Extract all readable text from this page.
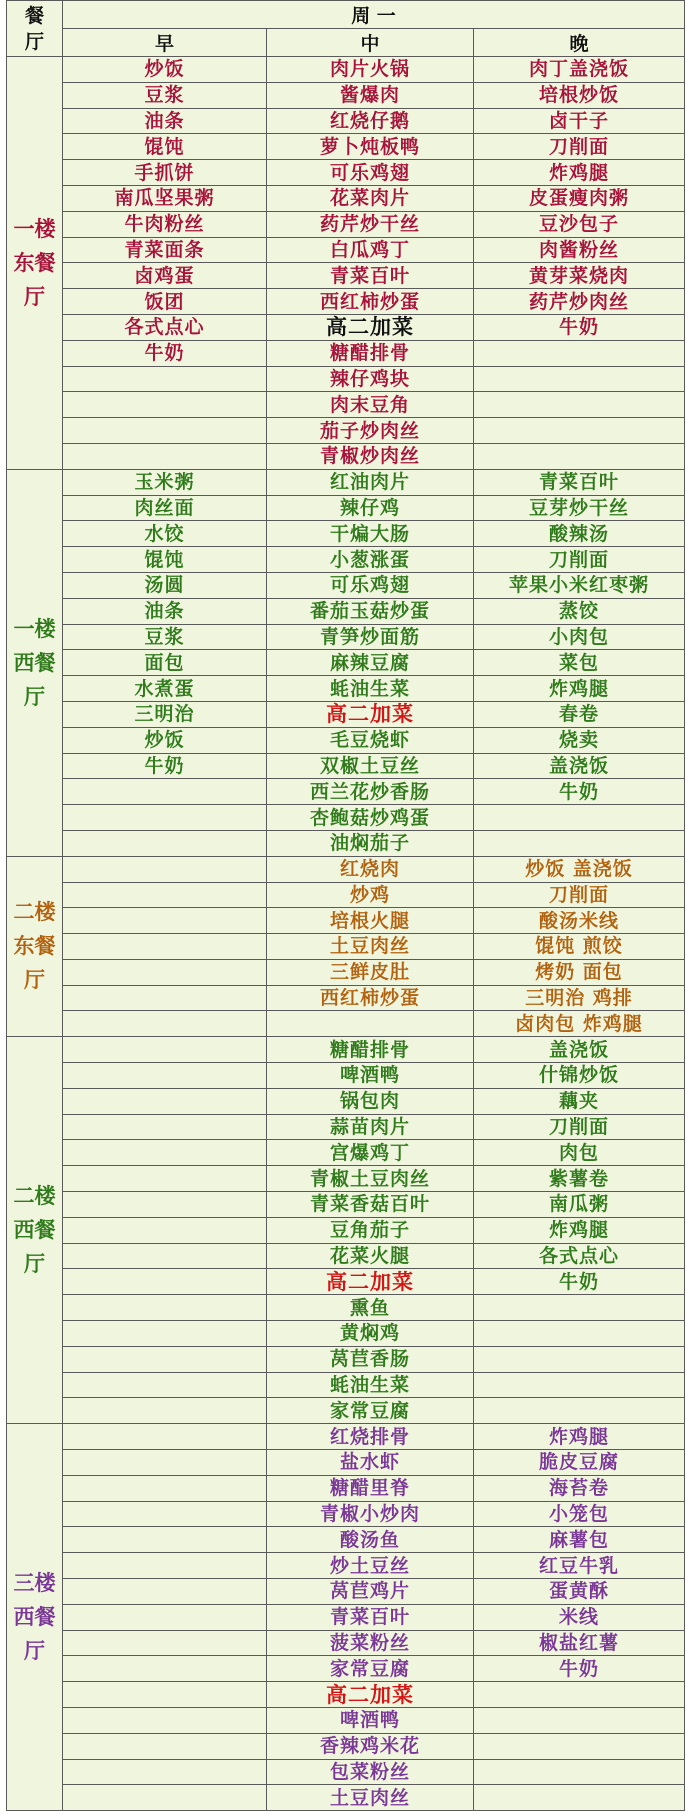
餐
厅	周 一		
	早	中	晚
一楼
东餐
厅	炒饭	肉片火锅	肉丁盖浇饭
	豆浆	酱爆肉	培根炒饭
	油条	红烧仔鹅	卤干子
	馄饨	萝卜炖板鸭	刀削面
	手抓饼	可乐鸡翅	炸鸡腿
	南瓜坚果粥	花菜肉片	皮蛋瘦肉粥
	牛肉粉丝	药芹炒干丝	豆沙包子
	青菜面条	白瓜鸡丁	肉酱粉丝
	卤鸡蛋	青菜百叶	黄芽菜烧肉
	饭团	西红柿炒蛋	药芹炒肉丝
	各式点心	高二加菜	牛奶
	牛奶	糖醋排骨	
		辣仔鸡块	
		肉末豆角	
		茄子炒肉丝	
		青椒炒肉丝	
一楼
西餐
厅	玉米粥	红油肉片	青菜百叶
	肉丝面	辣仔鸡	豆芽炒干丝
	水饺	干煸大肠	酸辣汤
	馄饨	小葱涨蛋	刀削面
	汤圆	可乐鸡翅	苹果小米红枣粥
	油条	番茄玉菇炒蛋	蒸饺
	豆浆	青笋炒面筋	小肉包
	面包	麻辣豆腐	菜包
	水煮蛋	蚝油生菜	炸鸡腿
	三明治	高二加菜	春卷
	炒饭	毛豆烧虾	烧卖
	牛奶	双椒土豆丝	盖浇饭
		西兰花炒香肠	牛奶
		杏鲍菇炒鸡蛋	
		油焖茄子	
二楼
东餐
厅		红烧肉	炒饭 盖浇饭
		炒鸡	刀削面
		培根火腿	酸汤米线
		土豆肉丝	馄饨 煎饺
		三鲜皮肚	烤奶 面包
		西红柿炒蛋	三明治 鸡排
			卤肉包 炸鸡腿
二楼
西餐
厅		糖醋排骨	盖浇饭
		啤酒鸭	什锦炒饭
		锅包肉	藕夹
		蒜苗肉片	刀削面
		宫爆鸡丁	肉包
		青椒土豆肉丝	紫薯卷
		青菜香菇百叶	南瓜粥
		豆角茄子	炸鸡腿
		花菜火腿	各式点心
		高二加菜	牛奶
		熏鱼	
		黄焖鸡	
		莴苣香肠	
		蚝油生菜	
		家常豆腐	
三楼
西餐
厅		红烧排骨	炸鸡腿
		盐水虾	脆皮豆腐
		糖醋里脊	海苔卷
		青椒小炒肉	小笼包
		酸汤鱼	麻薯包
		炒土豆丝	红豆牛乳
		莴苣鸡片	蛋黄酥
		青菜百叶	米线
		菠菜粉丝	椒盐红薯
		家常豆腐	牛奶
		高二加菜	
		啤酒鸭	
		香辣鸡米花	
		包菜粉丝	
		土豆肉丝	
